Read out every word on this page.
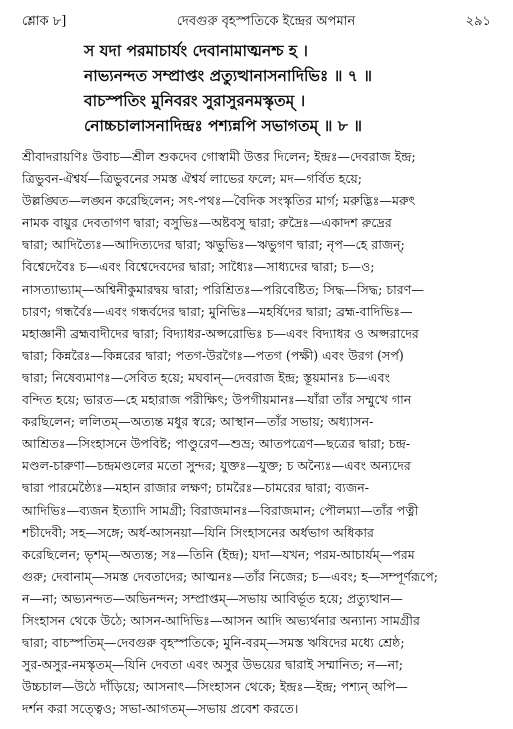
শ্লোক ৮]	দেবগুরু বৃহস্পতিকে ইন্দ্রের অপমান	২৯১
স যদা পরমাচার্যং দেবানামাত্মনশ্চ হ ।
নাভ্যনন্দত সম্প্রাপ্তং প্রত্যুত্থানাসনাদিভিঃ ॥ ৭ ॥
বাচস্পতিং মুনিবরং সুরাসুরনমস্কৃতম্ ।
নোচ্চচালাসনাদিন্দ্রঃ পশ্যন্নপি সভাগতম্ ॥ ৮ ॥
শ্রীবাদরায়ণিঃ উবাচ—শ্রীল শুকদেব গোস্বামী উত্তর দিলেন; ইন্দ্রঃ—দেবরাজ ইন্দ্র;
ত্রিভুবন-ঐশ্বর্য—ত্রিভুবনের সমস্ত ঐশ্বর্য লাভের ফলে; মদ—গর্বিত হয়ে;
উল্লঙ্ঘিত—লঙ্ঘন করেছিলেন; সৎ-পথঃ—বৈদিক সংস্কৃতির মার্গ; মরুদ্ভিঃ—মরুৎ
নামক বায়ুর দেবতাগণ দ্বারা; বসুভিঃ—অষ্টবসু দ্বারা; রুদ্রৈঃ—একাদশ রুদ্রের
দ্বারা; আদিত্যৈঃ—আদিত্যদের দ্বারা; ঋভুভিঃ—ঋভুগণ দ্বারা; নৃপ—হে রাজন্;
বিশ্বেদেবৈঃ চ—এবং বিশ্বেদেবদের দ্বারা; সাধ্যৈঃ—সাধ্যদের দ্বারা; চ—ও;
নাসত্যাভ্যাম্—অশ্বিনীকুমারদ্বয় দ্বারা; পরিশ্রিতঃ—পরিবেষ্টিত; সিদ্ধ—সিদ্ধ; চারণ—
চারণ; গন্ধর্বৈঃ—এবং গন্ধর্বদের দ্বারা; মুনিভিঃ—মহর্ষিদের দ্বারা; ব্রহ্ম-বাদিভিঃ—
মহাজ্ঞানী ব্রহ্মবাদীদের দ্বারা; বিদ্যাধর-অপ্সরোভিঃ চ—এবং বিদ্যাধর ও অপ্সরাদের
দ্বারা; কিন্নরৈঃ—কিন্নরের দ্বারা; পতগ-উরগৈঃ—পতগ (পক্ষী) এবং উরগ (সর্প)
দ্বারা; নিষেব্যমাণঃ—সেবিত হয়ে; মঘবান্—দেবরাজ ইন্দ্র; স্তূয়মানঃ চ—এবং
বন্দিত হয়ে; ভারত—হে মহারাজ পরীক্ষিৎ; উপগীয়মানঃ—যাঁরা তাঁর সম্মুখে গান
করছিলেন; ললিতম্—অত্যন্ত মধুর স্বরে; আস্থান—তাঁর সভায়; অধ্যাসন-
আশ্রিতঃ—সিংহাসনে উপবিষ্ট; পাণ্ডুরেণ—শুভ্র; আতপত্রেণ—ছত্রের দ্বারা; চন্দ্র-
মণ্ডল-চারুণা—চন্দ্রমণ্ডলের মতো সুন্দর; যুক্তঃ—যুক্ত; চ অন্যৈঃ—এবং অন্যদের
দ্বারা পারমেষ্ঠ্যৈঃ—মহান রাজার লক্ষণ; চামরৈঃ—চামরের দ্বারা; ব্যজন-
আদিভিঃ—ব্যজন ইত্যাদি সামগ্রী; বিরাজমানঃ—বিরাজমান; পৌলম্যা—তাঁর পত্নী
শচীদেবী; সহ—সঙ্গে; অর্ধ-আসনয়া—যিনি সিংহাসনের অর্ধভাগ অধিকার
করেছিলেন; ভৃশম্—অত্যন্ত; সঃ—তিনি (ইন্দ্র); যদা—যখন; পরম-আচার্যম্—পরম
গুরু; দেবানাম্—সমস্ত দেবতাদের; আত্মনঃ—তাঁর নিজের; চ—এবং; হ—সম্পূর্ণরূপে;
ন—না; অভ্যনন্দত—অভিনন্দন; সম্প্রাপ্তম্—সভায় আবির্ভূত হয়ে; প্রত্যুত্থান—
সিংহাসন থেকে উঠে; আসন-আদিভিঃ—আসন আদি অভ্যর্থনার অন্যান্য সামগ্রীর
দ্বারা; বাচস্পতিম্—দেবগুরু বৃহস্পতিকে; মুনি-বরম্—সমস্ত ঋষিদের মধ্যে শ্রেষ্ঠ;
সুর-অসুর-নমস্কৃতম্—যিনি দেবতা এবং অসুর উভয়ের দ্বারাই সম্মানিত; ন—না;
উচ্চচাল—উঠে দাঁড়িয়ে; আসনাৎ—সিংহাসন থেকে; ইন্দ্রঃ—ইন্দ্র; পশ্যন্ অপি—
দর্শন করা সত্ত্বেও; সভা-আগতম্—সভায় প্রবেশ করতে।
